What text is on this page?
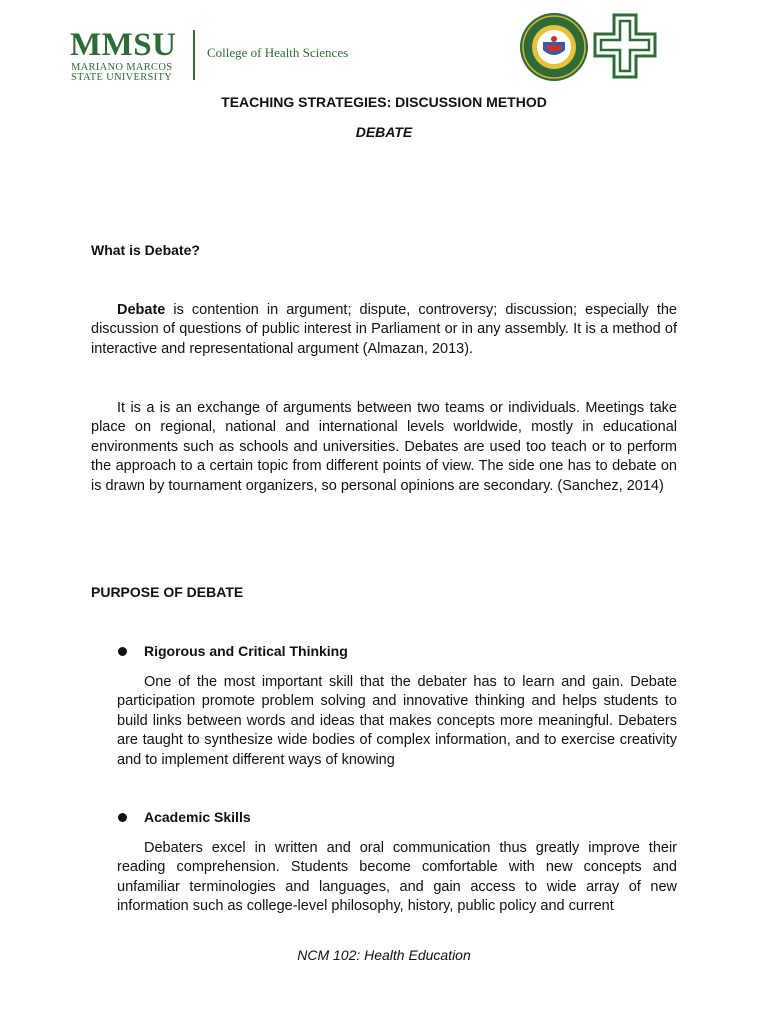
MMSU
MARIANO MARCOS
STATE UNIVERSITY
College of Health Sciences
TEACHING STRATEGIES: DISCUSSION METHOD
DEBATE
What is Debate?

Debate is contention in argument; dispute, controversy; discussion; especially the discussion of questions of public interest in Parliament or in any assembly. It is a method of interactive and representational argument (Almazan, 2013).

It is a is an exchange of arguments between two teams or individuals. Meetings take place on regional, national and international levels worldwide, mostly in educational environments such as schools and universities. Debates are used too teach or to perform the approach to a certain topic from different points of view. The side one has to debate on is drawn by tournament organizers, so personal opinions are secondary. (Sanchez, 2014)

PURPOSE OF DEBATE
Rigorous and Critical Thinking

One of the most important skill that the debater has to learn and gain. Debate participation promote problem solving and innovative thinking and helps students to build links between words and ideas that makes concepts more meaningful. Debaters are taught to synthesize wide bodies of complex information, and to exercise creativity and to implement different ways of knowing

Academic Skills

Debaters excel in written and oral communication thus greatly improve their reading comprehension. Students become comfortable with new concepts and unfamiliar terminologies and languages, and gain access to wide array of new information such as college-level philosophy, history, public policy and current

NCM 102: Health Education
